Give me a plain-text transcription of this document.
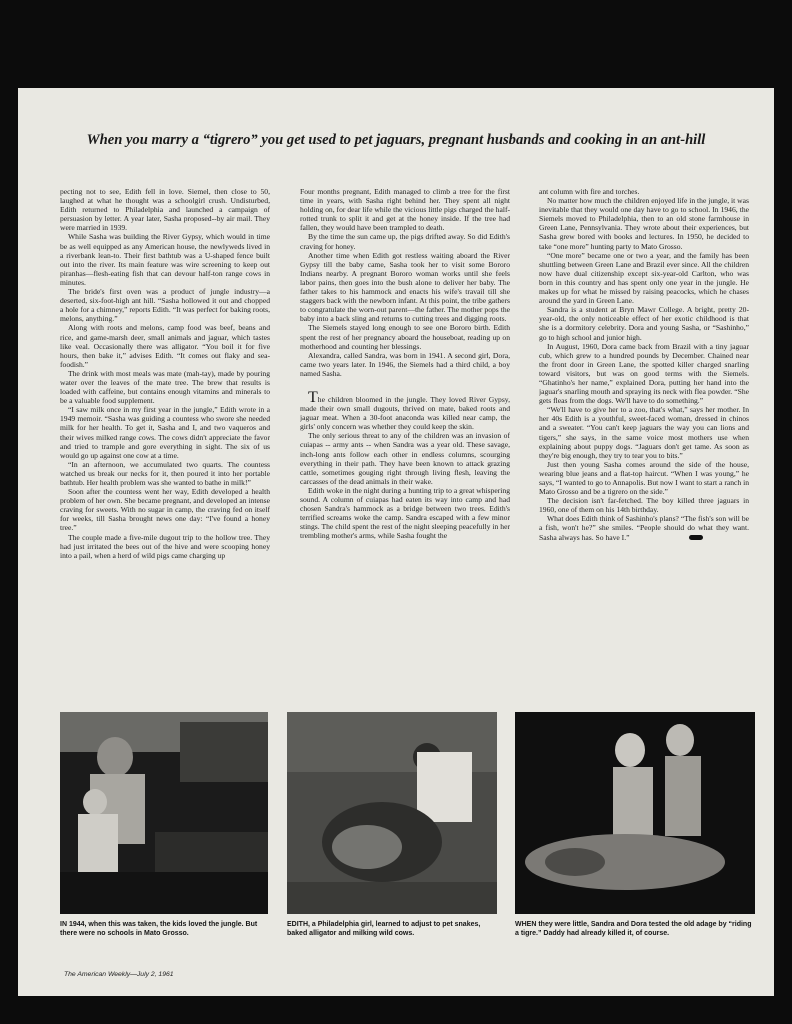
When you marry a “tigrero” you get used to pet jaguars, pregnant husbands and cooking in an ant-hill

pecting not to see, Edith fell in love. Siemel, then close to 50, laughed at what he thought was a schoolgirl crush. Undisturbed, Edith returned to Philadelphia and launched a campaign of persuasion by letter. A year later, Sasha proposed--by air mail. They were married in 1939.

While Sasha was building the River Gypsy, which would in time be as well equipped as any American house, the newlyweds lived in a riverbank lean-to. Their first bathtub was a U-shaped fence built out into the river. Its main feature was wire screening to keep out piranhas—flesh-eating fish that can devour half-ton range cows in minutes.

The bride's first oven was a product of jungle industry—a deserted, six-foot-high ant hill. “Sasha hollowed it out and chopped a hole for a chimney,” reports Edith. “It was perfect for baking roots, melons, anything.”

Along with roots and melons, camp food was beef, beans and rice, and game-marsh deer, small animals and jaguar, which tastes like veal. Occasionally there was alligator. “You boil it for five hours, then bake it,” advises Edith. “It comes out flaky and sea-foodish.”

The drink with most meals was mate (mah-tay), made by pouring water over the leaves of the mate tree. The brew that results is loaded with caffeine, but contains enough vitamins and minerals to be a valuable food supplement.

“I saw milk once in my first year in the jungle,” Edith wrote in a 1949 memoir. “Sasha was guiding a countess who swore she needed milk for her health. To get it, Sasha and I, and two vaqueros and their wives milked range cows. The cows didn't appreciate the favor and tried to trample and gore everything in sight. The six of us would go up against one cow at a time.

“In an afternoon, we accumulated two quarts. The countess watched us break our necks for it, then poured it into her portable bathtub. Her health problem was she wanted to bathe in milk!”

Soon after the countess went her way, Edith developed a health problem of her own. She became pregnant, and developed an intense craving for sweets. With no sugar in camp, the craving fed on itself for weeks, till Sasha brought news one day: “I've found a honey tree.”

The couple made a five-mile dugout trip to the hollow tree. They had just irritated the bees out of the hive and were scooping honey into a pail, when a herd of wild pigs came charging up

Four months pregnant, Edith managed to climb a tree for the first time in years, with Sasha right behind her. They spent all night holding on, for dear life while the vicious little pigs charged the half-rotted trunk to split it and get at the honey inside. If the tree had fallen, they would have been trampled to death.

By the time the sun came up, the pigs drifted away. So did Edith's craving for honey.

Another time when Edith got restless waiting aboard the River Gypsy till the baby came, Sasha took her to visit some Bororo Indians nearby. A pregnant Bororo woman works until she feels labor pains, then goes into the bush alone to deliver her baby. The father takes to his hammock and enacts his wife's travail till she staggers back with the newborn infant. At this point, the tribe gathers to congratulate the worn-out parent—the father. The mother pops the baby into a back sling and returns to cutting trees and digging roots.

The Siemels stayed long enough to see one Bororo birth. Edith spent the rest of her pregnancy aboard the houseboat, reading up on motherhood and counting her blessings.

Alexandra, called Sandra, was born in 1941. A second girl, Dora, came two years later. In 1946, the Siemels had a third child, a boy named Sasha.

The children bloomed in the jungle. They loved River Gypsy, made their own small dugouts, thrived on mate, baked roots and jaguar meat. When a 30-foot anaconda was killed near camp, the girls' only concern was whether they could keep the skin.

The only serious threat to any of the children was an invasion of cuiapas -- army ants -- when Sandra was a year old. These savage, inch-long ants follow each other in endless columns, scourging everything in their path. They have been known to attack grazing cattle, sometimes gouging right through living flesh, leaving the carcasses of the dead animals in their wake.

Edith woke in the night during a hunting trip to a great whispering sound. A column of cuiapas had eaten its way into camp and had chosen Sandra's hammock as a bridge between two trees. Edith's terrified screams woke the camp. Sandra escaped with a few minor stings. The child spent the rest of the night sleeping peacefully in her trembling mother's arms, while Sasha fought the

ant column with fire and torches.

No matter how much the children enjoyed life in the jungle, it was inevitable that they would one day have to go to school. In 1946, the Siemels moved to Philadelphia, then to an old stone farmhouse in Green Lane, Pennsylvania. They wrote about their experiences, but Sasha grew bored with books and lectures. In 1950, he decided to take “one more” hunting party to Mato Grosso.

“One more” became one or two a year, and the family has been shuttling between Green Lane and Brazil ever since. All the children now have dual citizenship except six-year-old Carlton, who was born in this country and has spent only one year in the jungle. He makes up for what he missed by raising peacocks, which he chases around the yard in Green Lane.

Sandra is a student at Bryn Mawr College. A bright, pretty 20-year-old, the only noticeable effect of her exotic childhood is that she is a dormitory celebrity. Dora and young Sasha, or “Sashinho,” go to high school and junior high.

In August, 1960, Dora came back from Brazil with a tiny jaguar cub, which grew to a hundred pounds by December. Chained near the front door in Green Lane, the spotted killer charged snarling toward visitors, but was on good terms with the Siemels. “Ghatinho's her name,” explained Dora, putting her hand into the jaguar's snarling mouth and spraying its neck with flea powder. “She gets fleas from the dogs. We'll have to do something.”

“We'll have to give her to a zoo, that's what,” says her mother. In her 40s Edith is a youthful, sweet-faced woman, dressed in chinos and a sweater. “You can't keep jaguars the way you can lions and tigers,” she says, in the same voice most mothers use when explaining about puppy dogs. “Jaguars don't get tame. As soon as they're big enough, they try to tear you to bits.”

Just then young Sasha comes around the side of the house, wearing blue jeans and a flat-top haircut. “When I was young,” he says, “I wanted to go to Annapolis. But now I want to start a ranch in Mato Grosso and be a tigrero on the side.”

The decision isn't far-fetched. The boy killed three jaguars in 1960, one of them on his 14th birthday.

What does Edith think of Sashinho's plans? “The fish's son will be a fish, won't he?” she smiles. “People should do what they want. Sasha always has. So have I.”

IN 1944, when this was taken, the kids loved the jungle. But there were no schools in Mato Grosso.

EDITH, a Philadelphia girl, learned to adjust to pet snakes, baked alligator and milking wild cows.

WHEN they were little, Sandra and Dora tested the old adage by “riding a tigre.” Daddy had already killed it, of course.

The American Weekly—July 2, 1961
